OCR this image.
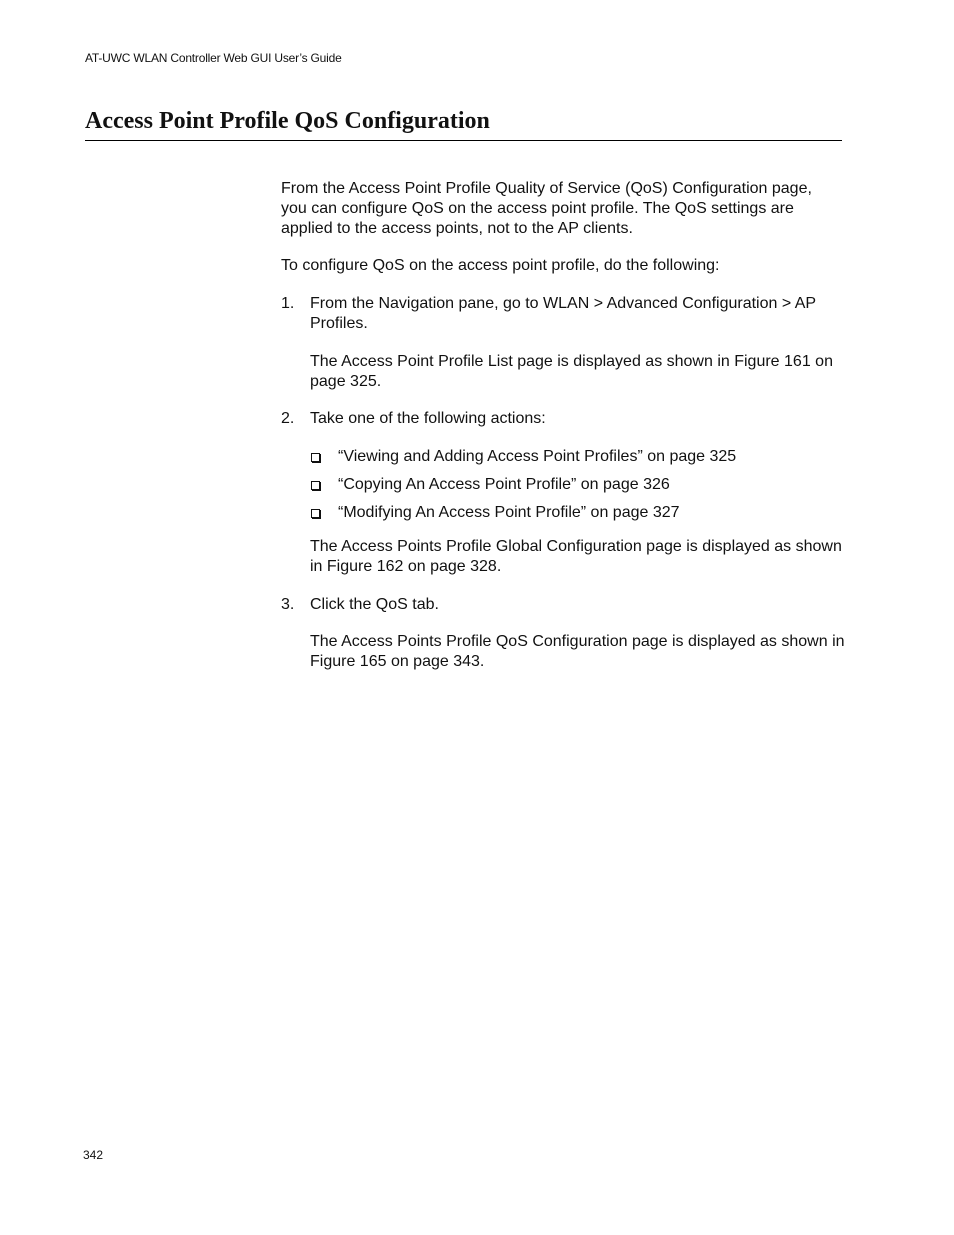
AT-UWC WLAN Controller Web GUI User’s Guide

Access Point Profile QoS Configuration

From the Access Point Profile Quality of Service (QoS) Configuration page, you can configure QoS on the access point profile. The QoS settings are applied to the access points, not to the AP clients.

To configure QoS on the access point profile, do the following:

1. From the Navigation pane, go to WLAN > Advanced Configuration > AP Profiles.

The Access Point Profile List page is displayed as shown in Figure 161 on page 325.

2. Take one of the following actions:
“Viewing and Adding Access Point Profiles” on page 325
“Copying An Access Point Profile” on page 326
“Modifying An Access Point Profile” on page 327

The Access Points Profile Global Configuration page is displayed as shown in Figure 162 on page 328.

3. Click the QoS tab.

The Access Points Profile QoS Configuration page is displayed as shown in Figure 165 on page 343.

342
